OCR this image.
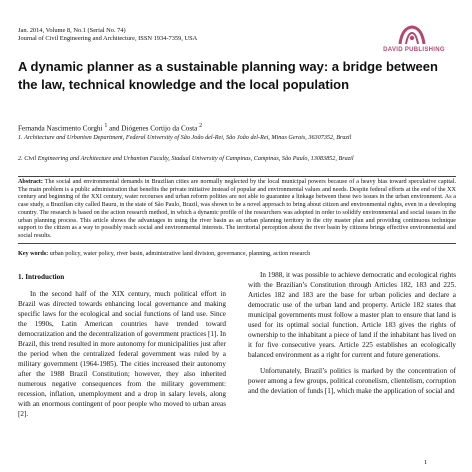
Jan. 2014, Volume 8, No.1 (Serial No. 74)
Journal of Civil Engineering and Architecture, ISSN 1934-7359, USA
DAVID PUBLISHING
A dynamic planner as a sustainable planning way: a bridge between the law, technical knowledge and the local population
Fernanda Nascimento Corghi $^1$ and Diógenes Cortijo da Costa $^2$
1. Architecture and Urbanism Department, Federal University of São João del-Rei, São João del-Rei, Minas Gerais, 36307352, Brazil
2. Civil Engineering and Architecture and Urbanism Faculty, Stadual University of Campinas, Campinas, São Paulo, 13083852, Brazil
Abstract: The social and environmental demands in Brazilian cities are normally neglected by the local municipal powers because of a heavy bias toward speculative capital. The main problem is a public administration that benefits the private initiative instead of popular and environmental values and needs. Despite federal efforts at the end of the XX century and beginning of the XXI century, water recourses and urban reform polities are not able to guarantee a linkage between these two issues in the urban environment. As a case study, a Brazilian city called Bauru, in the state of São Paulo, Brazil, was shown to be a novel approach to bring about citizen and environmental rights, even in a developing country. The research is based on the action research method, in which a dynamic profile of the researchers was adopted in order to solidify environmental and social issues in the urban planning process. This article shows the advantages in using the river basin as an urban planning territory in the city master plan and providing continuous technique support to the citizen as a way to possibly reach social and environmental interests. The territorial perception about the river basin by citizens brings effective environmental and social results.
Key words: urban policy, water policy, river basin, administrative land division, governance, planning, action research
1. Introduction

In the second half of the XIX century, much political effort in Brazil was directed towards enhancing local governance and making specific laws for the ecological and social functions of land use. Since the 1990s, Latin American countries have trended toward democratization and the decentralization of government practices [1]. In Brazil, this trend resulted in more autonomy for municipalities just after the period when the centralized federal government was ruled by a military government (1964-1985). The cities increased their autonomy after the 1988 Brazil Constitution; however, they also inherited numerous negative consequences from the military government: recession, inflation, unemployment and a drop in salary levels, along with an enormous contingent of poor people who moved to urban areas [2].

In 1988, it was possible to achieve democratic and ecological rights with the Brazilian’s Constitution through Articles 182, 183 and 225. Articles 182 and 183 are the base for urban policies and declare a democratic use of the urban land and property. Article 182 states that municipal governments must follow a master plan to ensure that land is used for its optimal social function. Article 183 gives the rights of ownership to the inhabitant a piece of land if the inhabitant has lived on it for five consecutive years. Article 225 establishes an ecologically balanced environment as a right for current and future generations.

Unfortunately, Brazil’s politics is marked by the concentration of power among a few groups, political coronelism, clientelism, corruption and the deviation of funds [1], which make the application of social and

1
